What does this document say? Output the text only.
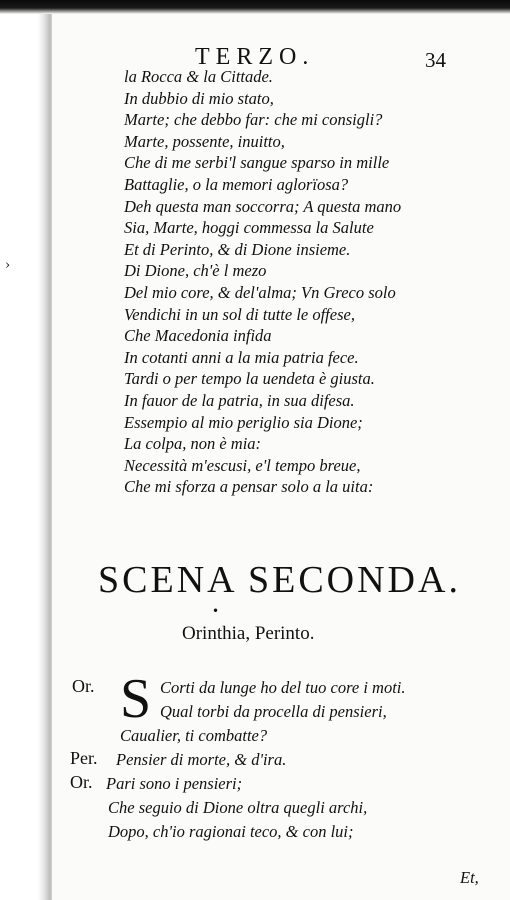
›
TERZO.	34
la Rocca & la Cittade.
In dubbio di mio stato,
Marte; che debbo far: che mi consigli?
Marte, possente, inuitto,
Che di me serbi'l sangue sparso in mille
Battaglie, o la memori aglorïosa?
Deh questa man soccorra; A questa mano
Sia, Marte, hoggi commessa la Salute
Et di Perinto, & di Dione insieme.
Di Dione, ch'è l mezo
Del mio core, & del'alma; Vn Greco solo
Vendichi in un sol di tutte le offese,
Che Macedonia infida
In cotanti anni a la mia patria fece.
Tardi o per tempo la uendeta è giusta.
In fauor de la patria, in sua difesa.
Essempio al mio periglio sia Dione;
La colpa, non è mia:
Necessità m'escusi, e'l tempo breue,
Che mi sforza a pensar solo a la uita:
SCENA SECONDA.
•
Orinthia, Perinto.
Or. S Corti da lunge ho del tuo core i moti.
Qual torbi da procella di pensieri,
Caualier, ti combatte?
Per. Pensier di morte, & d'ira.
Or. Pari sono i pensieri;
Che seguio di Dione oltra quegli archi,
Dopo, ch'io ragionai teco, & con lui;
Et,
